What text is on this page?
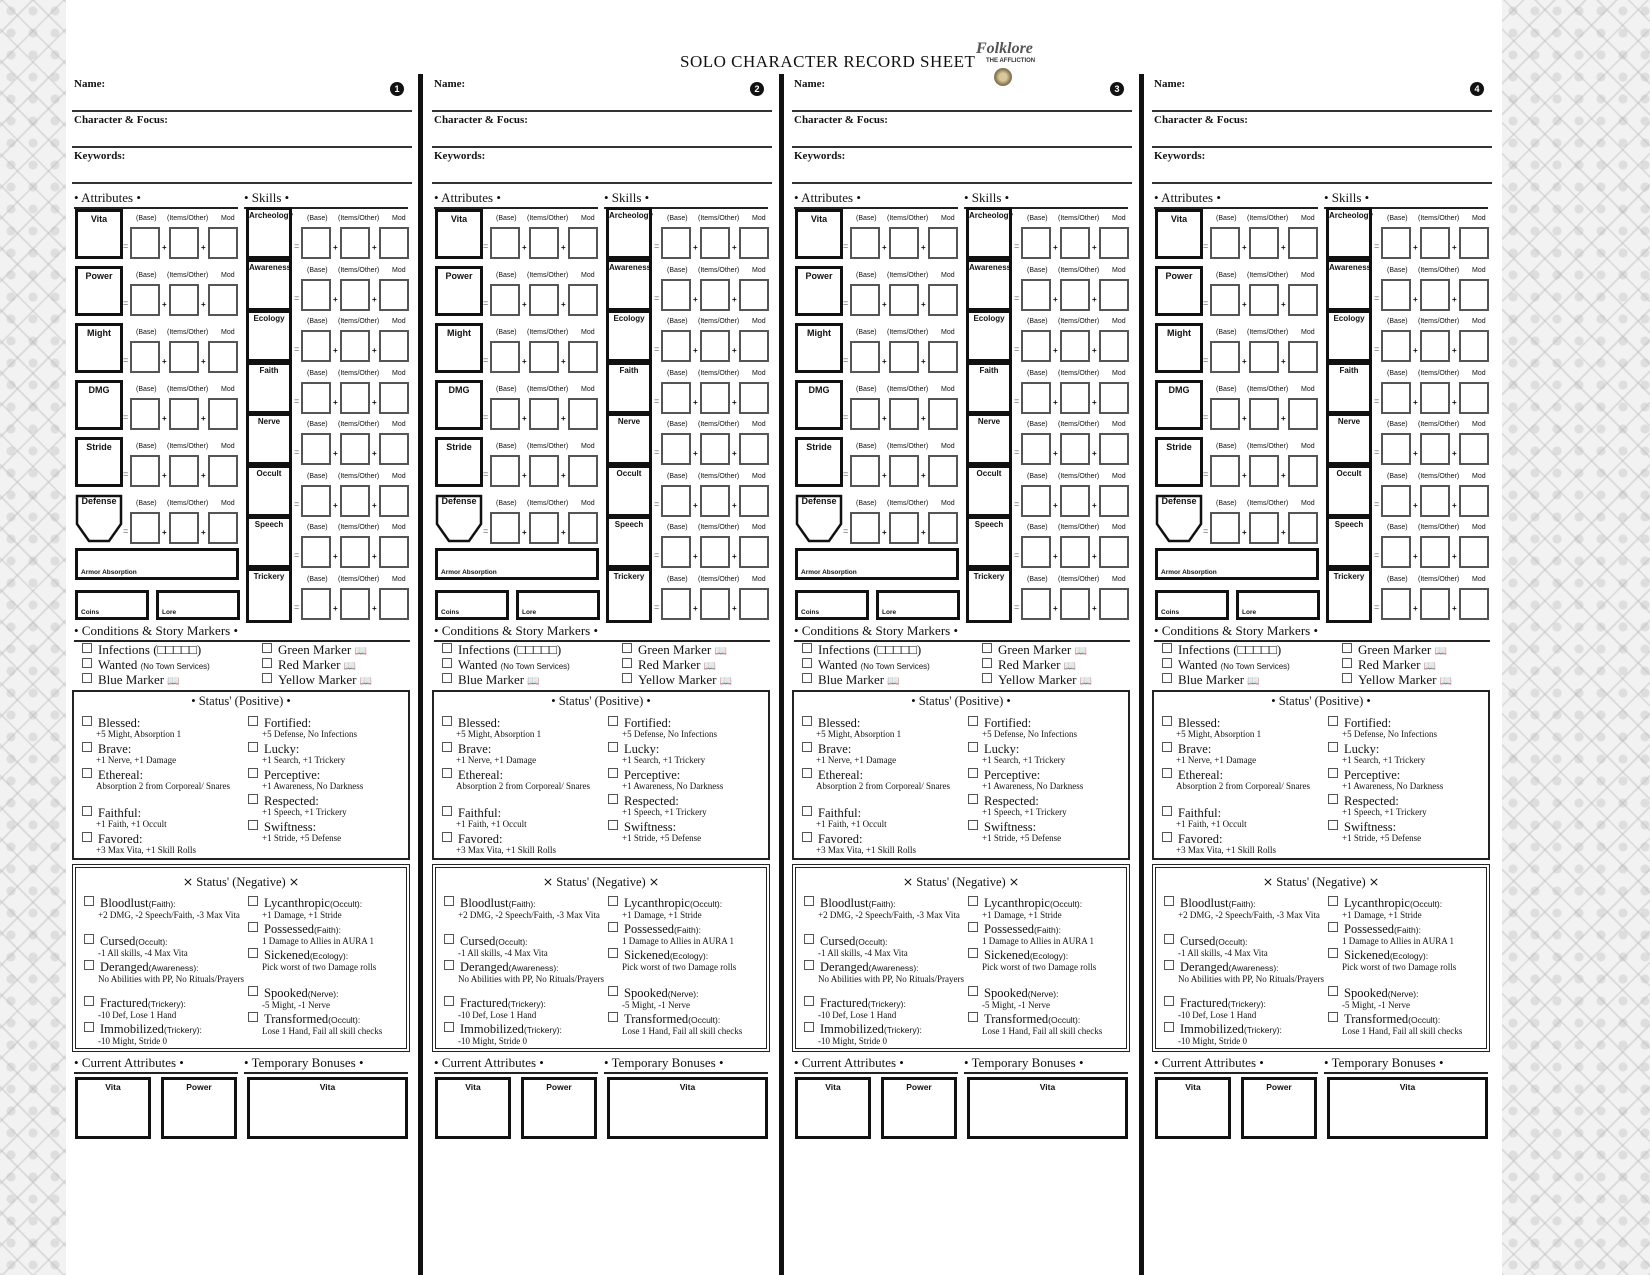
SOLO CHARACTER RECORD SHEET
Folklore
THE AFFLICTION
1
Name:
Character & Focus:
Keywords:
• Attributes •	• Skills •
Vita
=
(Base) (Items/Other) Mod
+	+
Power
=
(Base) (Items/Other) Mod
+	+
Might
=
(Base) (Items/Other) Mod
+	+
DMG
=
(Base) (Items/Other) Mod
+	+
Stride
=
(Base) (Items/Other) Mod
+	+
Defense
=
(Base) (Items/Other) Mod
+	+
Armor Absorption
Coins	Lore
Archeology
=
(Base) (Items/Other) Mod
+	+
Awareness
=
(Base) (Items/Other) Mod
+	+
Ecology
=
(Base) (Items/Other) Mod
+	+
Faith
=
(Base) (Items/Other) Mod
+	+
Nerve
=
(Base) (Items/Other) Mod
+	+
Occult
=
(Base) (Items/Other) Mod
+	+
Speech
=
(Base) (Items/Other) Mod
+	+
Trickery
=
(Base) (Items/Other) Mod
+	+
• Conditions & Story Markers •
Infections (□□□□□)
Wanted (No Town Services)
Blue Marker 📖
Green Marker 📖
Red Marker 📖
Yellow Marker 📖
• Status' (Positive) •
Blessed:
+5 Might, Absorption 1
Brave:
+1 Nerve, +1 Damage
Ethereal:
Absorption 2 from Corporeal/ Snares
Faithful:
+1 Faith, +1 Occult
Favored:
+3 Max Vita, +1 Skill Rolls
Fortified:
+5 Defense, No Infections
Lucky:
+1 Search, +1 Trickery
Perceptive:
+1 Awareness, No Darkness
Respected:
+1 Speech, +1 Trickery
Swiftness:
+1 Stride, +5 Defense
⨯ Status' (Negative) ⨯
Bloodlust(Faith):
+2 DMG, -2 Speech/Faith, -3 Max Vita
Cursed(Occult):
-1 All skills, -4 Max Vita
Deranged(Awareness):
No Abilities with PP, No Rituals/Prayers
Fractured(Trickery):
-10 Def, Lose 1 Hand
Immobilized(Trickery):
-10 Might, Stride 0
Lycanthropic(Occult):
+1 Damage, +1 Stride
Possessed(Faith):
1 Damage to Allies in AURA 1
Sickened(Ecology):
Pick worst of two Damage rolls
Spooked(Nerve):
-5 Might, -1 Nerve
Transformed(Occult):
Lose 1 Hand, Fail all skill checks
• Current Attributes •	• Temporary Bonuses •
Vita	Power	Vita
2
Name:
Character & Focus:
Keywords:
• Attributes •	• Skills •
Vita
=
(Base) (Items/Other) Mod
+	+
Power
=
(Base) (Items/Other) Mod
+	+
Might
=
(Base) (Items/Other) Mod
+	+
DMG
=
(Base) (Items/Other) Mod
+	+
Stride
=
(Base) (Items/Other) Mod
+	+
Defense
=
(Base) (Items/Other) Mod
+	+
Armor Absorption
Coins	Lore
Archeology
=
(Base) (Items/Other) Mod
+	+
Awareness
=
(Base) (Items/Other) Mod
+	+
Ecology
=
(Base) (Items/Other) Mod
+	+
Faith
=
(Base) (Items/Other) Mod
+	+
Nerve
=
(Base) (Items/Other) Mod
+	+
Occult
=
(Base) (Items/Other) Mod
+	+
Speech
=
(Base) (Items/Other) Mod
+	+
Trickery
=
(Base) (Items/Other) Mod
+	+
• Conditions & Story Markers •
Infections (□□□□□)
Wanted (No Town Services)
Blue Marker 📖
Green Marker 📖
Red Marker 📖
Yellow Marker 📖
• Status' (Positive) •
Blessed:
+5 Might, Absorption 1
Brave:
+1 Nerve, +1 Damage
Ethereal:
Absorption 2 from Corporeal/ Snares
Faithful:
+1 Faith, +1 Occult
Favored:
+3 Max Vita, +1 Skill Rolls
Fortified:
+5 Defense, No Infections
Lucky:
+1 Search, +1 Trickery
Perceptive:
+1 Awareness, No Darkness
Respected:
+1 Speech, +1 Trickery
Swiftness:
+1 Stride, +5 Defense
⨯ Status' (Negative) ⨯
Bloodlust(Faith):
+2 DMG, -2 Speech/Faith, -3 Max Vita
Cursed(Occult):
-1 All skills, -4 Max Vita
Deranged(Awareness):
No Abilities with PP, No Rituals/Prayers
Fractured(Trickery):
-10 Def, Lose 1 Hand
Immobilized(Trickery):
-10 Might, Stride 0
Lycanthropic(Occult):
+1 Damage, +1 Stride
Possessed(Faith):
1 Damage to Allies in AURA 1
Sickened(Ecology):
Pick worst of two Damage rolls
Spooked(Nerve):
-5 Might, -1 Nerve
Transformed(Occult):
Lose 1 Hand, Fail all skill checks
• Current Attributes •	• Temporary Bonuses •
Vita	Power	Vita
3
Name:
Character & Focus:
Keywords:
• Attributes •	• Skills •
Vita
=
(Base) (Items/Other) Mod
+	+
Power
=
(Base) (Items/Other) Mod
+	+
Might
=
(Base) (Items/Other) Mod
+	+
DMG
=
(Base) (Items/Other) Mod
+	+
Stride
=
(Base) (Items/Other) Mod
+	+
Defense
=
(Base) (Items/Other) Mod
+	+
Armor Absorption
Coins	Lore
Archeology
=
(Base) (Items/Other) Mod
+	+
Awareness
=
(Base) (Items/Other) Mod
+	+
Ecology
=
(Base) (Items/Other) Mod
+	+
Faith
=
(Base) (Items/Other) Mod
+	+
Nerve
=
(Base) (Items/Other) Mod
+	+
Occult
=
(Base) (Items/Other) Mod
+	+
Speech
=
(Base) (Items/Other) Mod
+	+
Trickery
=
(Base) (Items/Other) Mod
+	+
• Conditions & Story Markers •
Infections (□□□□□)
Wanted (No Town Services)
Blue Marker 📖
Green Marker 📖
Red Marker 📖
Yellow Marker 📖
• Status' (Positive) •
Blessed:
+5 Might, Absorption 1
Brave:
+1 Nerve, +1 Damage
Ethereal:
Absorption 2 from Corporeal/ Snares
Faithful:
+1 Faith, +1 Occult
Favored:
+3 Max Vita, +1 Skill Rolls
Fortified:
+5 Defense, No Infections
Lucky:
+1 Search, +1 Trickery
Perceptive:
+1 Awareness, No Darkness
Respected:
+1 Speech, +1 Trickery
Swiftness:
+1 Stride, +5 Defense
⨯ Status' (Negative) ⨯
Bloodlust(Faith):
+2 DMG, -2 Speech/Faith, -3 Max Vita
Cursed(Occult):
-1 All skills, -4 Max Vita
Deranged(Awareness):
No Abilities with PP, No Rituals/Prayers
Fractured(Trickery):
-10 Def, Lose 1 Hand
Immobilized(Trickery):
-10 Might, Stride 0
Lycanthropic(Occult):
+1 Damage, +1 Stride
Possessed(Faith):
1 Damage to Allies in AURA 1
Sickened(Ecology):
Pick worst of two Damage rolls
Spooked(Nerve):
-5 Might, -1 Nerve
Transformed(Occult):
Lose 1 Hand, Fail all skill checks
• Current Attributes •	• Temporary Bonuses •
Vita	Power	Vita
4
Name:
Character & Focus:
Keywords:
• Attributes •	• Skills •
Vita
=
(Base) (Items/Other) Mod
+	+
Power
=
(Base) (Items/Other) Mod
+	+
Might
=
(Base) (Items/Other) Mod
+	+
DMG
=
(Base) (Items/Other) Mod
+	+
Stride
=
(Base) (Items/Other) Mod
+	+
Defense
=
(Base) (Items/Other) Mod
+	+
Armor Absorption
Coins	Lore
Archeology
=
(Base) (Items/Other) Mod
+	+
Awareness
=
(Base) (Items/Other) Mod
+	+
Ecology
=
(Base) (Items/Other) Mod
+	+
Faith
=
(Base) (Items/Other) Mod
+	+
Nerve
=
(Base) (Items/Other) Mod
+	+
Occult
=
(Base) (Items/Other) Mod
+	+
Speech
=
(Base) (Items/Other) Mod
+	+
Trickery
=
(Base) (Items/Other) Mod
+	+
• Conditions & Story Markers •
Infections (□□□□□)
Wanted (No Town Services)
Blue Marker 📖
Green Marker 📖
Red Marker 📖
Yellow Marker 📖
• Status' (Positive) •
Blessed:
+5 Might, Absorption 1
Brave:
+1 Nerve, +1 Damage
Ethereal:
Absorption 2 from Corporeal/ Snares
Faithful:
+1 Faith, +1 Occult
Favored:
+3 Max Vita, +1 Skill Rolls
Fortified:
+5 Defense, No Infections
Lucky:
+1 Search, +1 Trickery
Perceptive:
+1 Awareness, No Darkness
Respected:
+1 Speech, +1 Trickery
Swiftness:
+1 Stride, +5 Defense
⨯ Status' (Negative) ⨯
Bloodlust(Faith):
+2 DMG, -2 Speech/Faith, -3 Max Vita
Cursed(Occult):
-1 All skills, -4 Max Vita
Deranged(Awareness):
No Abilities with PP, No Rituals/Prayers
Fractured(Trickery):
-10 Def, Lose 1 Hand
Immobilized(Trickery):
-10 Might, Stride 0
Lycanthropic(Occult):
+1 Damage, +1 Stride
Possessed(Faith):
1 Damage to Allies in AURA 1
Sickened(Ecology):
Pick worst of two Damage rolls
Spooked(Nerve):
-5 Might, -1 Nerve
Transformed(Occult):
Lose 1 Hand, Fail all skill checks
• Current Attributes •	• Temporary Bonuses •
Vita	Power	Vita
